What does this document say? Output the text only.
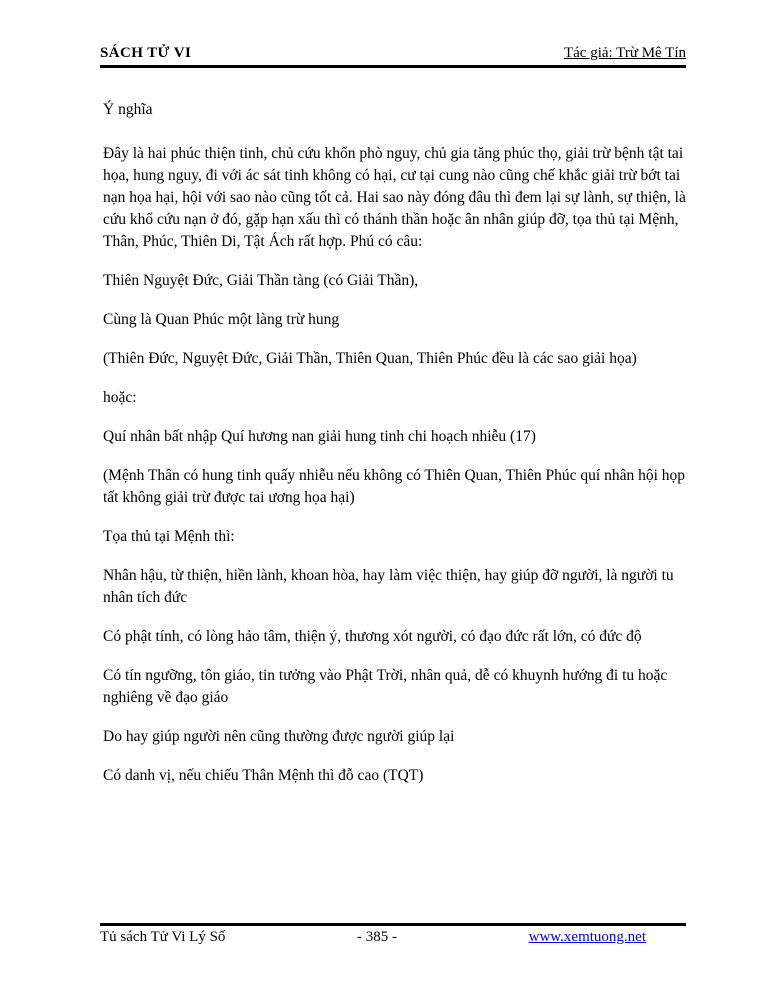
SÁCH TỬ VI	Tác giả: Trừ Mê Tín

Ý nghĩa

Đây là hai phúc thiện tinh, chủ cứu khổn phò nguy, chủ gia tăng phúc thọ, giải trừ bệnh tật tai họa, hung nguy, đi với ác sát tinh không có hại, cư tại cung nào cũng chế khắc giải trừ bớt tai nạn họa hại, hội với sao nào cũng tốt cả. Hai sao này đóng đâu thì đem lại sự lành, sự thiện, là cứu khổ cứu nạn ở đó, gặp hạn xấu thì có thánh thần hoặc ân nhân giúp đỡ, tọa thủ tại Mệnh, Thân, Phúc, Thiên Di, Tật Ách rất hợp. Phú có câu:

Thiên Nguyệt Đức, Giải Thần tàng (có Giải Thần),

Cùng là Quan Phúc một làng trừ hung

(Thiên Đức, Nguyệt Đức, Giải Thần, Thiên Quan, Thiên Phúc đều là các sao giải họa)

hoặc:

Quí nhân bất nhập Quí hương nan giải hung tinh chi hoạch nhiễu (17)

(Mệnh Thân có hung tinh quấy nhiễu nếu không có Thiên Quan, Thiên Phúc quí nhân hội họp tất không giải trừ được tai ương họa hại)

Tọa thủ tại Mệnh thì:

Nhân hậu, từ thiện, hiền lành, khoan hòa, hay làm việc thiện, hay giúp đỡ người, là người tu nhân tích đức

Có phật tính, có lòng hảo tâm, thiện ý, thương xót người, có đạo đức rất lớn, có đức độ

Có tín ngưỡng, tôn giáo, tin tưởng vào Phật Trời, nhân quả, dễ có khuynh hướng đi tu hoặc nghiêng về đạo giáo

Do hay giúp người nên cũng thường được người giúp lại

Có danh vị, nếu chiếu Thân Mệnh thì đỗ cao (TQT)

Tủ sách Tử Vi Lý Số	- 385 -	www.xemtuong.net
